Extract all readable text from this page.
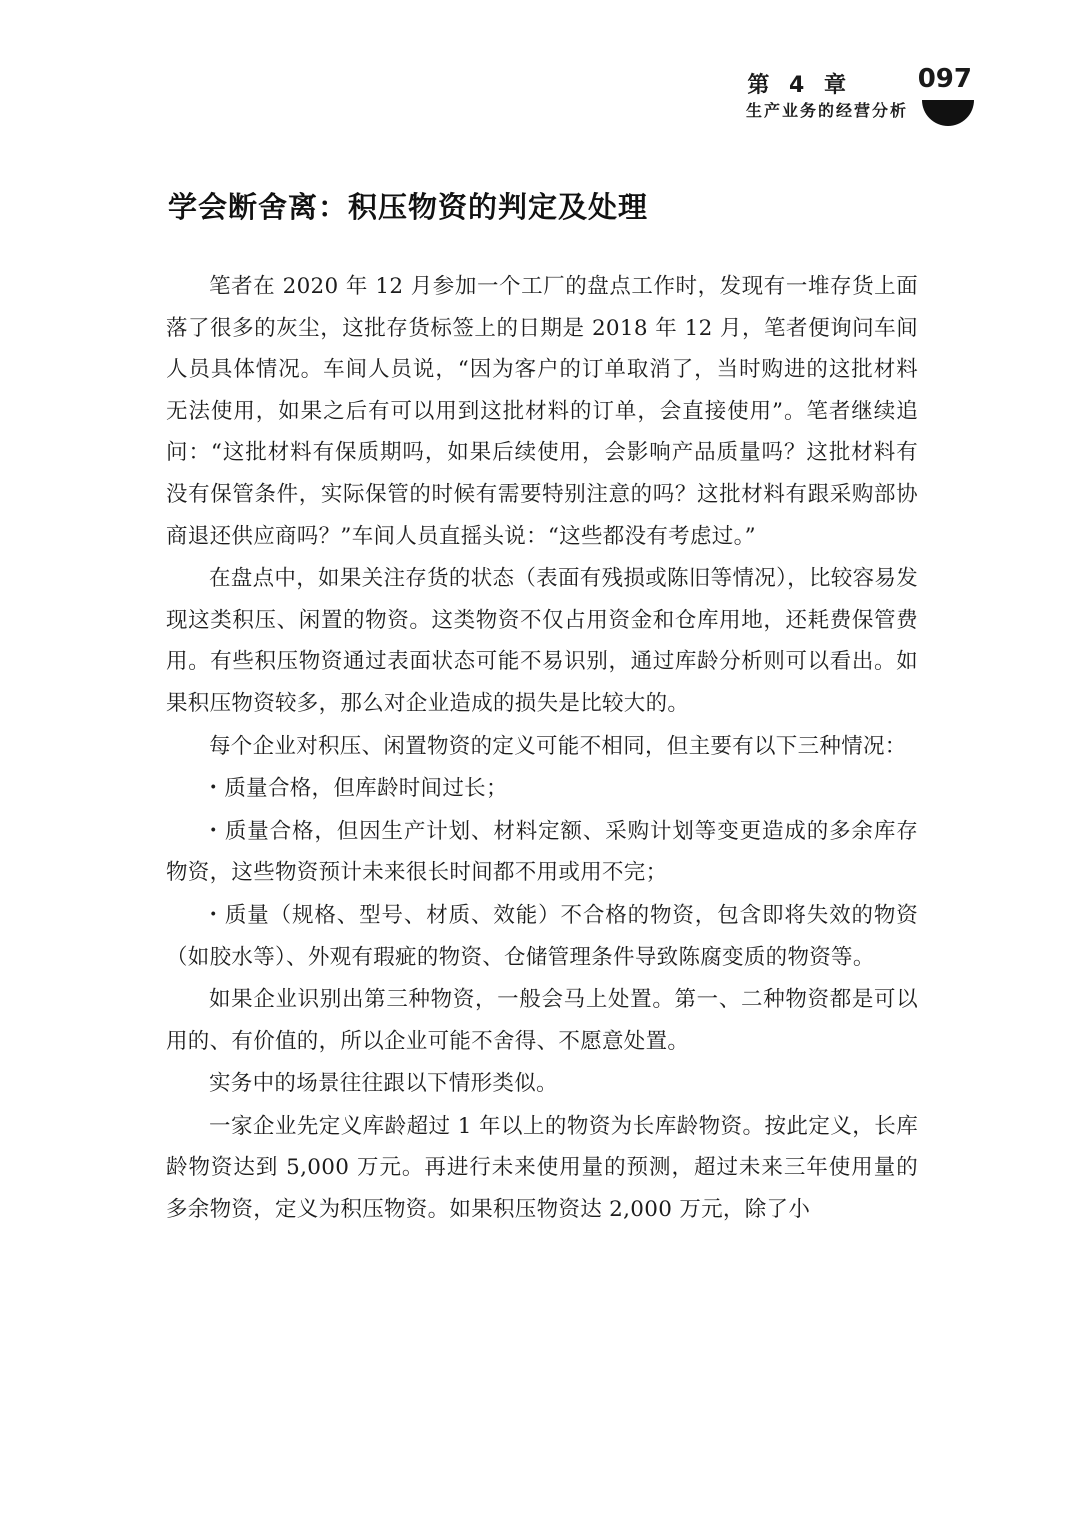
第 4 章
生产业务的经营分析
097
学会断舍离：积压物资的判定及处理

笔者在 2020 年 12 月参加一个工厂的盘点工作时，发现有一堆存货上面落了很多的灰尘，这批存货标签上的日期是 2018 年 12 月，笔者便询问车间人员具体情况。车间人员说，“因为客户的订单取消了，当时购进的这批材料无法使用，如果之后有可以用到这批材料的订单，会直接使用”。笔者继续追问：“这批材料有保质期吗，如果后续使用，会影响产品质量吗？这批材料有没有保管条件，实际保管的时候有需要特别注意的吗？这批材料有跟采购部协商退还供应商吗？”车间人员直摇头说：“这些都没有考虑过。”

在盘点中，如果关注存货的状态（表面有残损或陈旧等情况），比较容易发现这类积压、闲置的物资。这类物资不仅占用资金和仓库用地，还耗费保管费用。有些积压物资通过表面状态可能不易识别，通过库龄分析则可以看出。如果积压物资较多，那么对企业造成的损失是比较大的。

每个企业对积压、闲置物资的定义可能不相同，但主要有以下三种情况：

・质量合格，但库龄时间过长；

・质量合格，但因生产计划、材料定额、采购计划等变更造成的多余库存物资，这些物资预计未来很长时间都不用或用不完；

・质量（规格、型号、材质、效能）不合格的物资，包含即将失效的物资（如胶水等）、外观有瑕疵的物资、仓储管理条件导致陈腐变质的物资等。

如果企业识别出第三种物资，一般会马上处置。第一、二种物资都是可以用的、有价值的，所以企业可能不舍得、不愿意处置。

实务中的场景往往跟以下情形类似。

一家企业先定义库龄超过 1 年以上的物资为长库龄物资。按此定义，长库龄物资达到 5,000 万元。再进行未来使用量的预测，超过未来三年使用量的多余物资，定义为积压物资。如果积压物资达 2,000 万元，除了小
